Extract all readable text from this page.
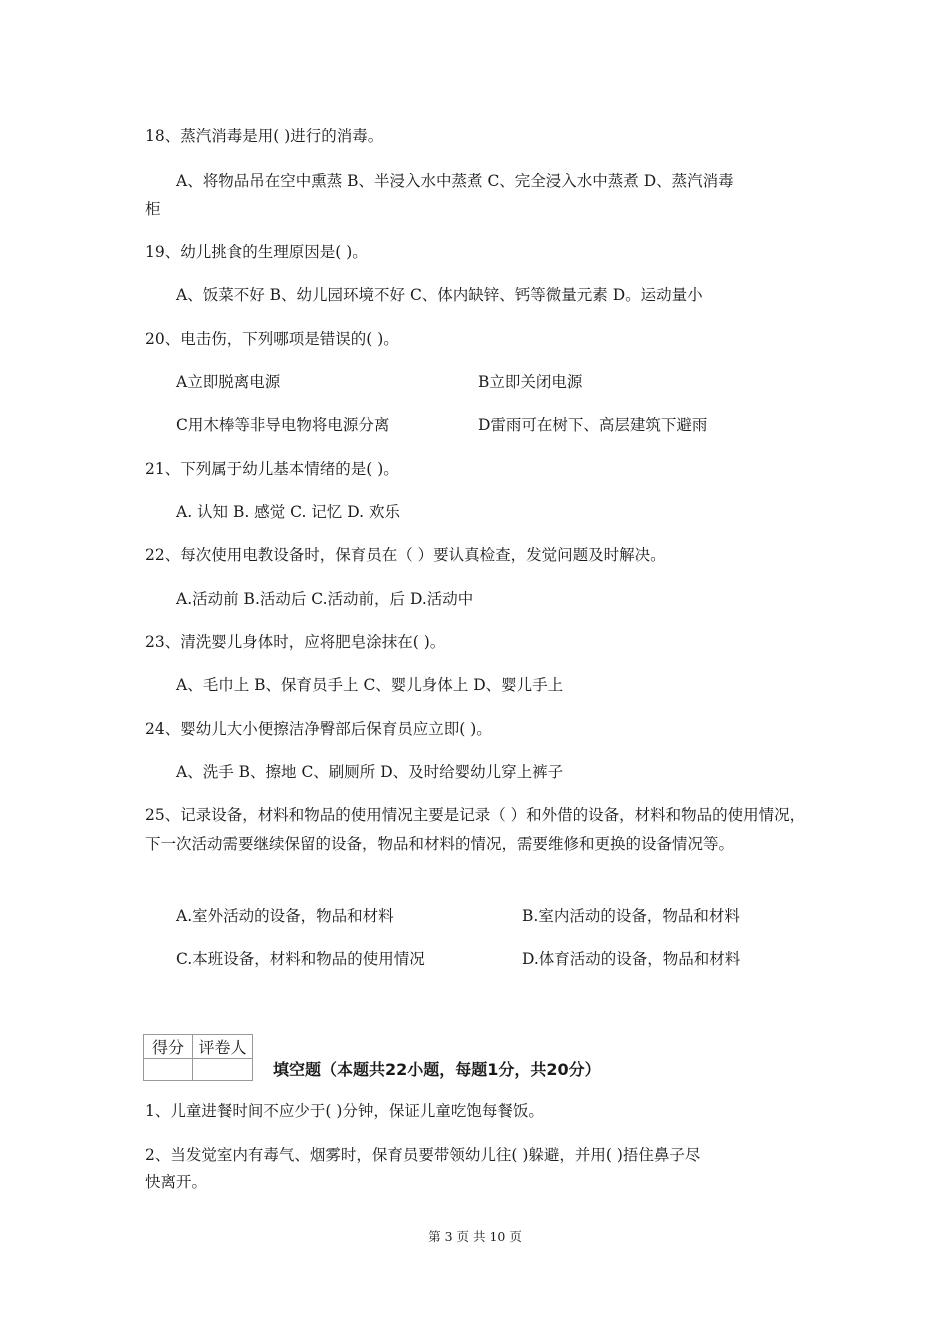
18、蒸汽消毒是用( )进行的消毒。
A、将物品吊在空中熏蒸 B、半浸入水中蒸煮 C、完全浸入水中蒸煮 D、蒸汽消毒
柜
19、幼儿挑食的生理原因是( )。
A、饭菜不好 B、幼儿园环境不好 C、体内缺锌、钙等微量元素 D。运动量小
20、电击伤，下列哪项是错误的( )。
A立即脱离电源	B立即关闭电源
C用木棒等非导电物将电源分离	D雷雨可在树下、高层建筑下避雨
21、下列属于幼儿基本情绪的是( )。
A. 认知 B. 感觉 C. 记忆 D. 欢乐
22、每次使用电教设备时，保育员在（ ）要认真检查，发觉问题及时解决。
A.活动前 B.活动后 C.活动前，后 D.活动中
23、清洗婴儿身体时，应将肥皂涂抹在( )。
A、毛巾上 B、保育员手上 C、婴儿身体上 D、婴儿手上
24、婴幼儿大小便擦洁净臀部后保育员应立即( )。
A、洗手 B、擦地 C、刷厕所 D、及时给婴幼儿穿上裤子
25、记录设备，材料和物品的使用情况主要是记录（ ）和外借的设备，材料和物品的使用情况，下一次活动需要继续保留的设备，物品和材料的情况，需要维修和更换的设备情况等。
A.室外活动的设备，物品和材料	B.室内活动的设备，物品和材料
C.本班设备，材料和物品的使用情况	D.体育活动的设备，物品和材料
得分	评卷人

填空题（本题共22小题，每题1分，共20分）
1、儿童进餐时间不应少于( )分钟，保证儿童吃饱每餐饭。
2、当发觉室内有毒气、烟雾时，保育员要带领幼儿往( )躲避，并用( )捂住鼻子尽
快离开。
第 3 页 共 10 页
